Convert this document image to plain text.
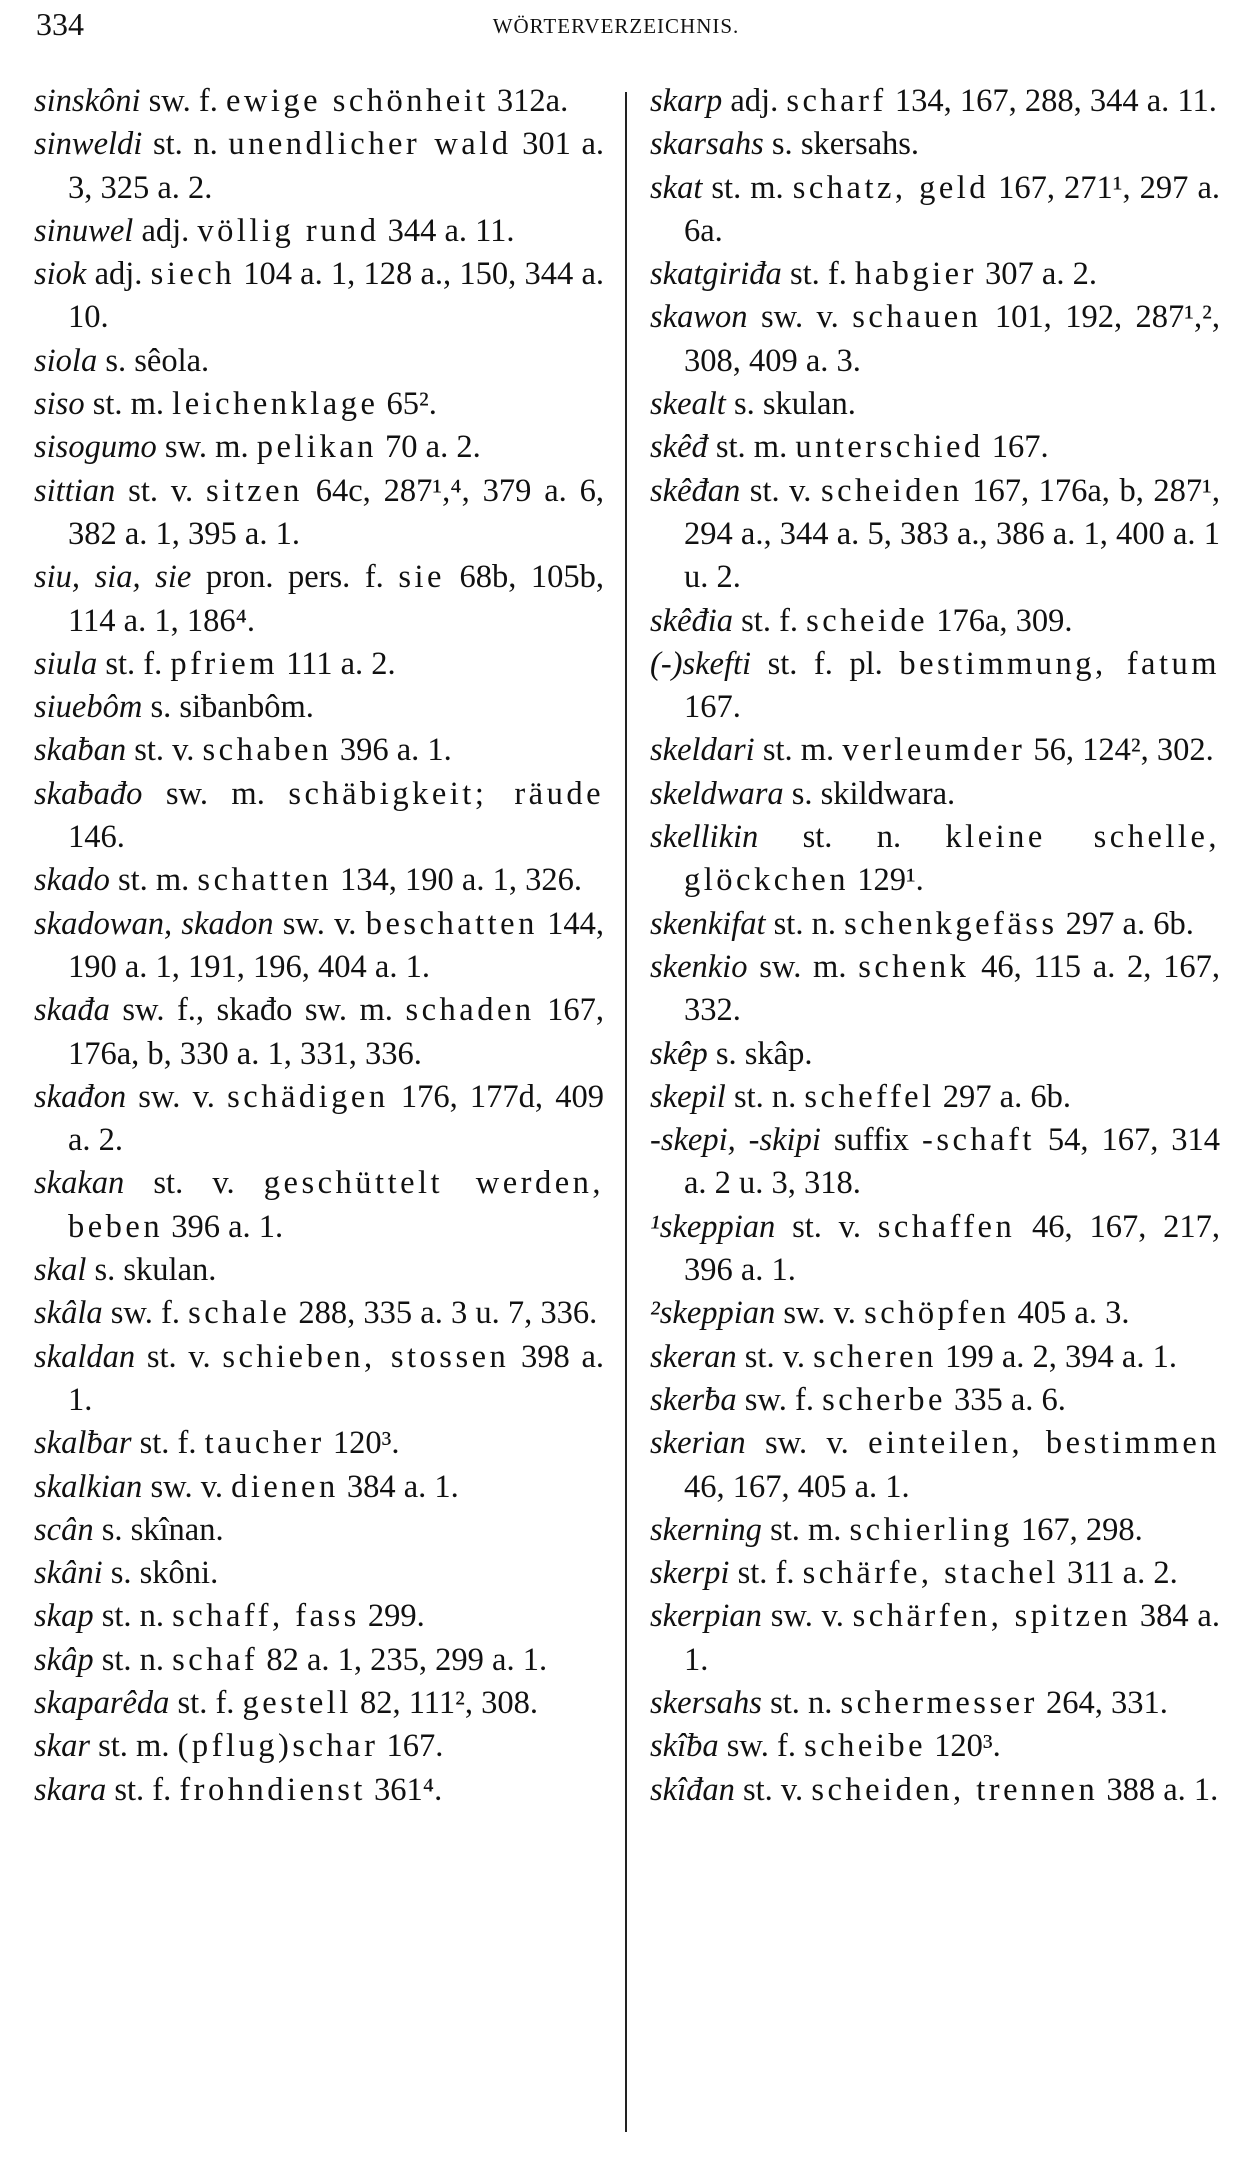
334	WÖRTERVERZEICHNIS.
sinskôni sw. f. ewige schönheit 312a.
sinweldi st. n. unendlicher wald 301 a. 3, 325 a. 2.
sinuwel adj. völlig rund 344 a. 11.
siok adj. siech 104 a. 1, 128 a., 150, 344 a. 10.
siola s. sêola.
siso st. m. leichenklage 65².
sisogumo sw. m. pelikan 70 a. 2.
sittian st. v. sitzen 64c, 287¹,⁴, 379 a. 6, 382 a. 1, 395 a. 1.
siu, sia, sie pron. pers. f. sie 68b, 105b, 114 a. 1, 186⁴.
siula st. f. pfriem 111 a. 2.
siuebôm s. siƀanbôm.
skaƀan st. v. schaben 396 a. 1.
skaƀađo sw. m. schäbigkeit; räude 146.
skado st. m. schatten 134, 190 a. 1, 326.
skadowan, skadon sw. v. beschatten 144, 190 a. 1, 191, 196, 404 a. 1.
skađa sw. f., skađo sw. m. schaden 167, 176a, b, 330 a. 1, 331, 336.
skađon sw. v. schädigen 176, 177d, 409 a. 2.
skakan st. v. geschüttelt werden, beben 396 a. 1.
skal s. skulan.
skâla sw. f. schale 288, 335 a. 3 u. 7, 336.
skaldan st. v. schieben, stossen 398 a. 1.
skalƀar st. f. taucher 120³.
skalkian sw. v. dienen 384 a. 1.
scân s. skînan.
skâni s. skôni.
skap st. n. schaff, fass 299.
skâp st. n. schaf 82 a. 1, 235, 299 a. 1.
skaparêda st. f. gestell 82, 111², 308.
skar st. m. (pflug)schar 167.
skara st. f. frohndienst 361⁴.
skarp adj. scharf 134, 167, 288, 344 a. 11.
skarsahs s. skersahs.
skat st. m. schatz, geld 167, 271¹, 297 a. 6a.
skatgiriđa st. f. habgier 307 a. 2.
skawon sw. v. schauen 101, 192, 287¹,², 308, 409 a. 3.
skealt s. skulan.
skêđ st. m. unterschied 167.
skêđan st. v. scheiden 167, 176a, b, 287¹, 294 a., 344 a. 5, 383 a., 386 a. 1, 400 a. 1 u. 2.
skêđia st. f. scheide 176a, 309.
(-)skefti st. f. pl. bestimmung, fatum 167.
skeldari st. m. verleumder 56, 124², 302.
skeldwara s. skildwara.
skellikin st. n. kleine schelle, glöckchen 129¹.
skenkifat st. n. schenkgefäss 297 a. 6b.
skenkio sw. m. schenk 46, 115 a. 2, 167, 332.
skêp s. skâp.
skepil st. n. scheffel 297 a. 6b.
-skepi, -skipi suffix -schaft 54, 167, 314 a. 2 u. 3, 318.
¹skeppian st. v. schaffen 46, 167, 217, 396 a. 1.
²skeppian sw. v. schöpfen 405 a. 3.
skeran st. v. scheren 199 a. 2, 394 a. 1.
skerƀa sw. f. scherbe 335 a. 6.
skerian sw. v. einteilen, bestimmen 46, 167, 405 a. 1.
skerning st. m. schierling 167, 298.
skerpi st. f. schärfe, stachel 311 a. 2.
skerpian sw. v. schärfen, spitzen 384 a. 1.
skersahs st. n. schermesser 264, 331.
skîƀa sw. f. scheibe 120³.
skîđan st. v. scheiden, trennen 388 a. 1.
